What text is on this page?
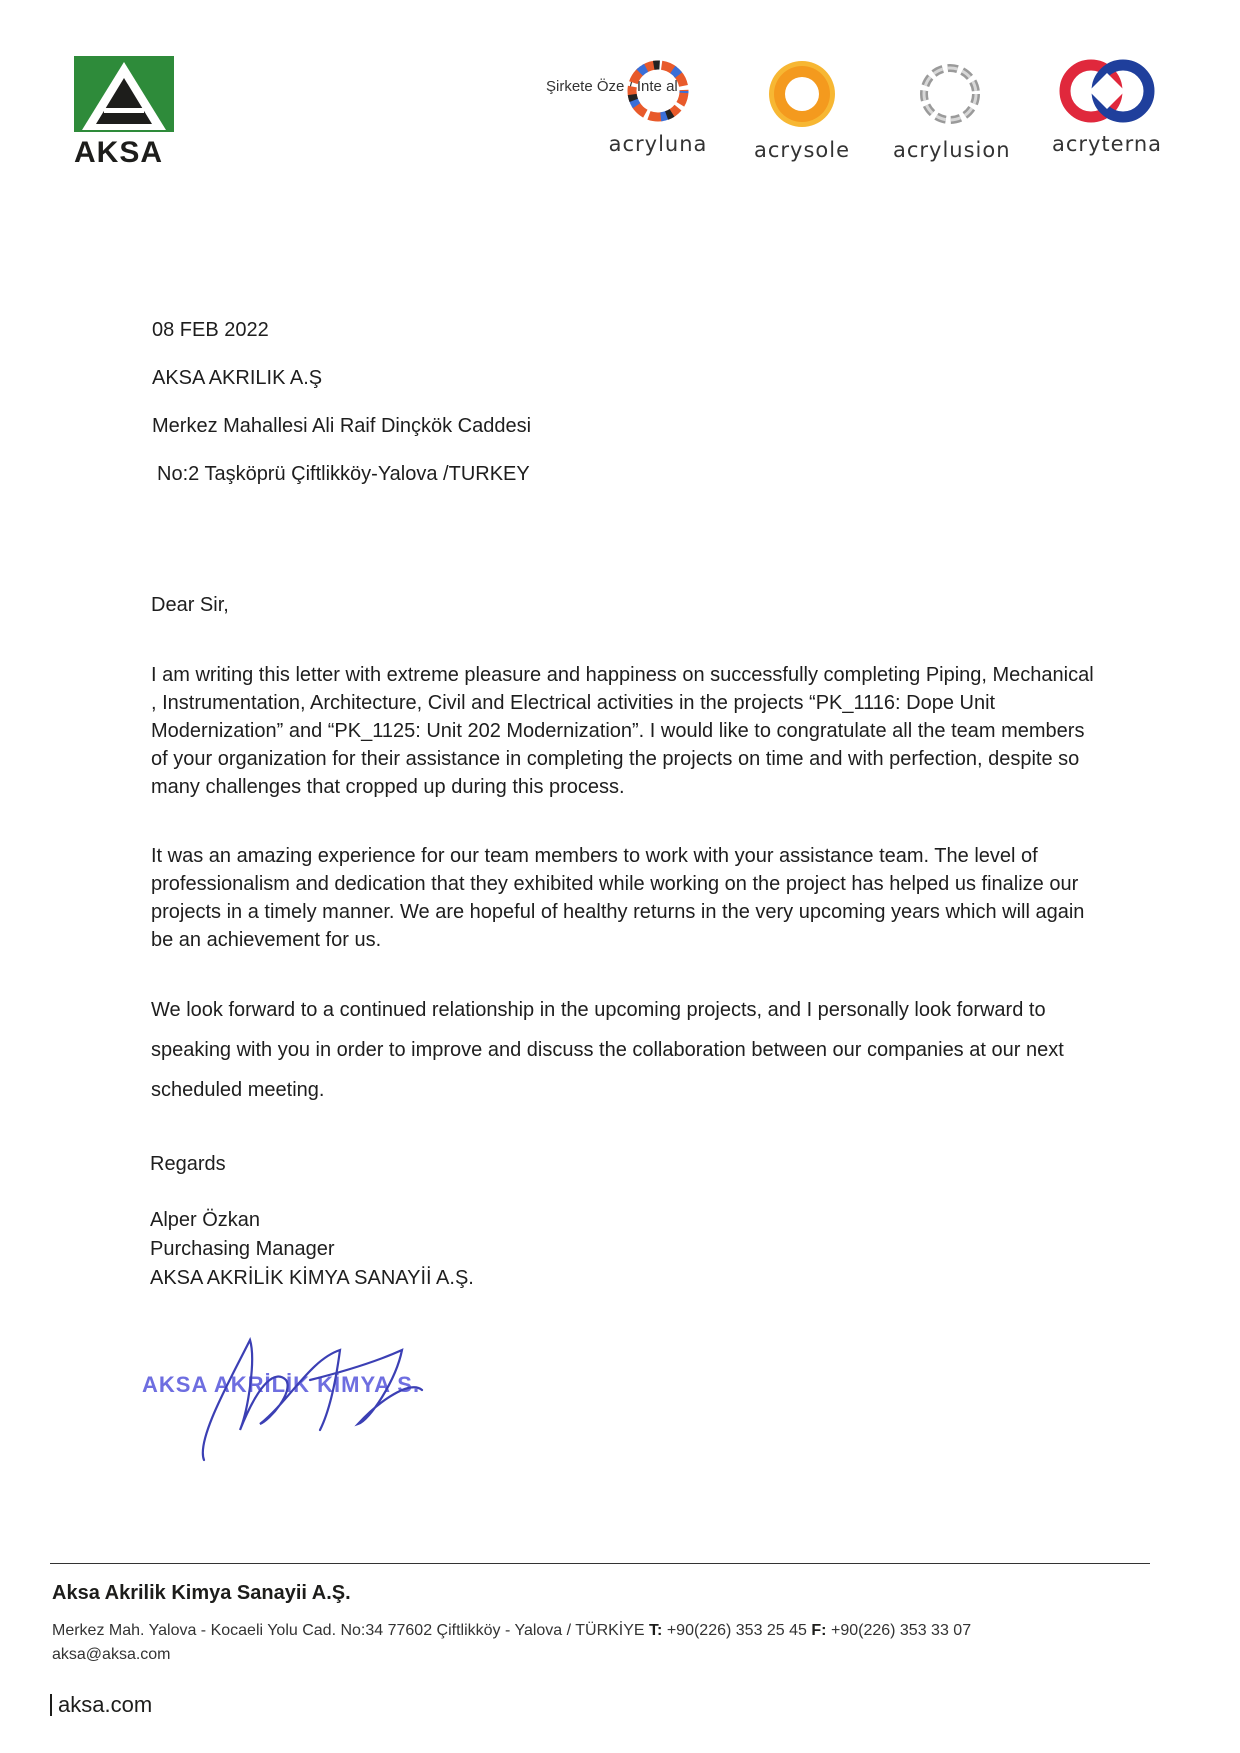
AKSA
Şirkete Öze / Inte al
acryluna acrysole acrylusion acryterna
08 FEB 2022
AKSA AKRILIK A.Ş
Merkez Mahallesi Ali Raif Dinçkök Caddesi
No:2 Taşköprü Çiftlikköy-Yalova /TURKEY
Dear Sir,
I am writing this letter with extreme pleasure and happiness on successfully completing Piping, Mechanical , Instrumentation, Architecture, Civil and Electrical activities in the projects “PK_1116: Dope Unit Modernization” and “PK_1125: Unit 202 Modernization”. I would like to congratulate all the team members of your organization for their assistance in completing the projects on time and with perfection, despite so many challenges that cropped up during this process.
It was an amazing experience for our team members to work with your assistance team. The level of professionalism and dedication that they exhibited while working on the project has helped us finalize our projects in a timely manner. We are hopeful of healthy returns in the very upcoming years which will again be an achievement for us.
We look forward to a continued relationship in the upcoming projects, and I personally look forward to speaking with you in order to improve and discuss the collaboration between our companies at our next scheduled meeting.
Regards
Alper Özkan
Purchasing Manager
AKSA AKRİLİK KİMYA SANAYİİ A.Ş.
AKSA AKRİLİK KİMYA S.
Aksa Akrilik Kimya Sanayii A.Ş.
Merkez Mah. Yalova - Kocaeli Yolu Cad. No:34 77602 Çiftlikköy - Yalova / TÜRKİYE T: +90(226) 353 25 45 F: +90(226) 353 33 07
aksa@aksa.com
aksa.com
